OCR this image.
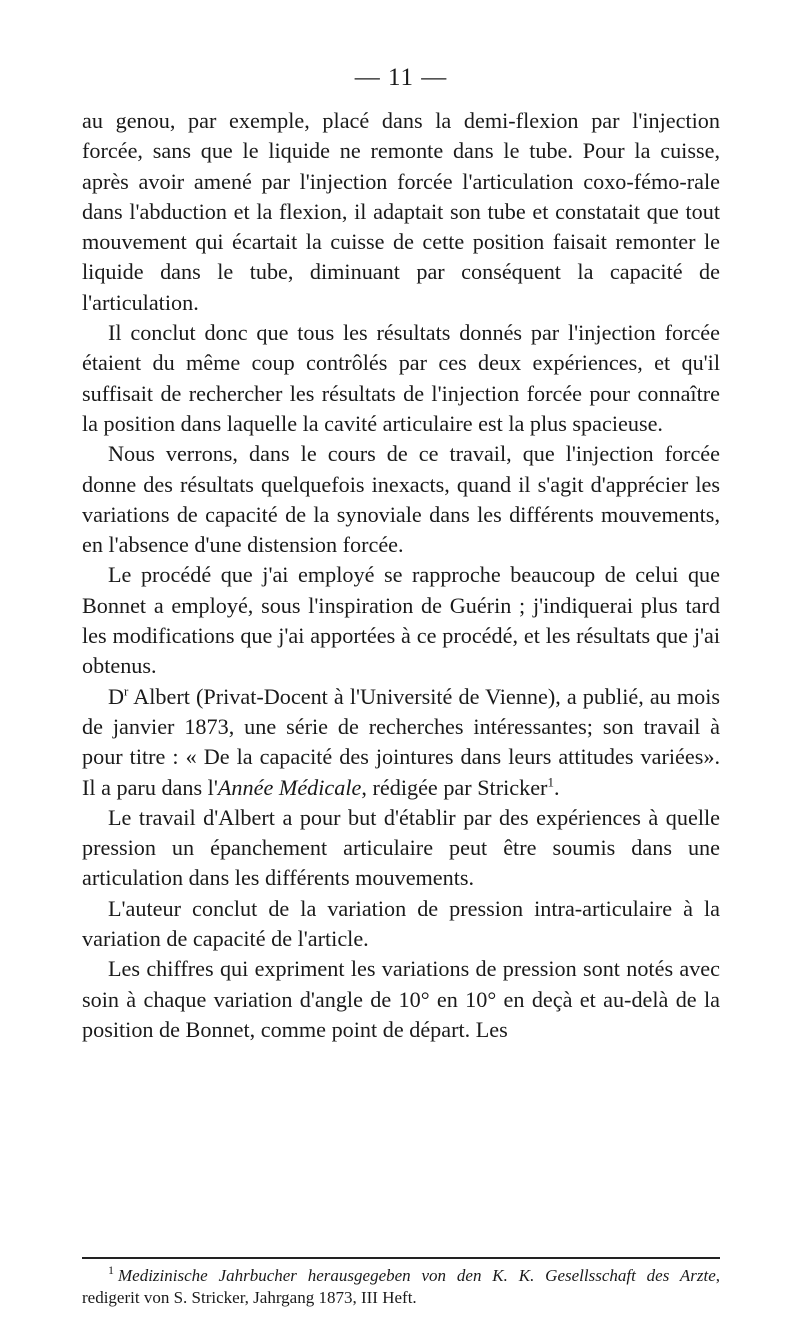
— 11 —

au genou, par exemple, placé dans la demi-flexion par l'injection forcée, sans que le liquide ne remonte dans le tube. Pour la cuisse, après avoir amené par l'injection forcée l'articulation coxo-fémo-rale dans l'abduction et la flexion, il adaptait son tube et constatait que tout mouvement qui écartait la cuisse de cette position faisait remonter le liquide dans le tube, diminuant par conséquent la capacité de l'articulation.

Il conclut donc que tous les résultats donnés par l'injection forcée étaient du même coup contrôlés par ces deux expériences, et qu'il suffisait de rechercher les résultats de l'injection forcée pour connaître la position dans laquelle la cavité articulaire est la plus spacieuse.

Nous verrons, dans le cours de ce travail, que l'injection forcée donne des résultats quelquefois inexacts, quand il s'agit d'apprécier les variations de capacité de la synoviale dans les différents mouvements, en l'absence d'une distension forcée.

Le procédé que j'ai employé se rapproche beaucoup de celui que Bonnet a employé, sous l'inspiration de Guérin ; j'indiquerai plus tard les modifications que j'ai apportées à ce procédé, et les résultats que j'ai obtenus.

$D^r$ Albert (Privat-Docent à l'Université de Vienne), a publié, au mois de janvier 1873, une série de recherches intéressantes; son travail à pour titre : « De la capacité des jointures dans leurs attitudes variées». Il a paru dans l'Année Médicale, rédigée par Stricker$^1$.

Le travail d'Albert a pour but d'établir par des expériences à quelle pression un épanchement articulaire peut être soumis dans une articulation dans les différents mouvements.

L'auteur conclut de la variation de pression intra-articulaire à la variation de capacité de l'article.

Les chiffres qui expriment les variations de pression sont notés avec soin à chaque variation d'angle de 10° en 10° en deçà et au-delà de la position de Bonnet, comme point de départ. Les

$^1$ Medizinische Jahrbucher herausgegeben von den K. K. Gesellsschaft des Arzte, redigerit von S. Stricker, Jahrgang 1873, III Heft.
